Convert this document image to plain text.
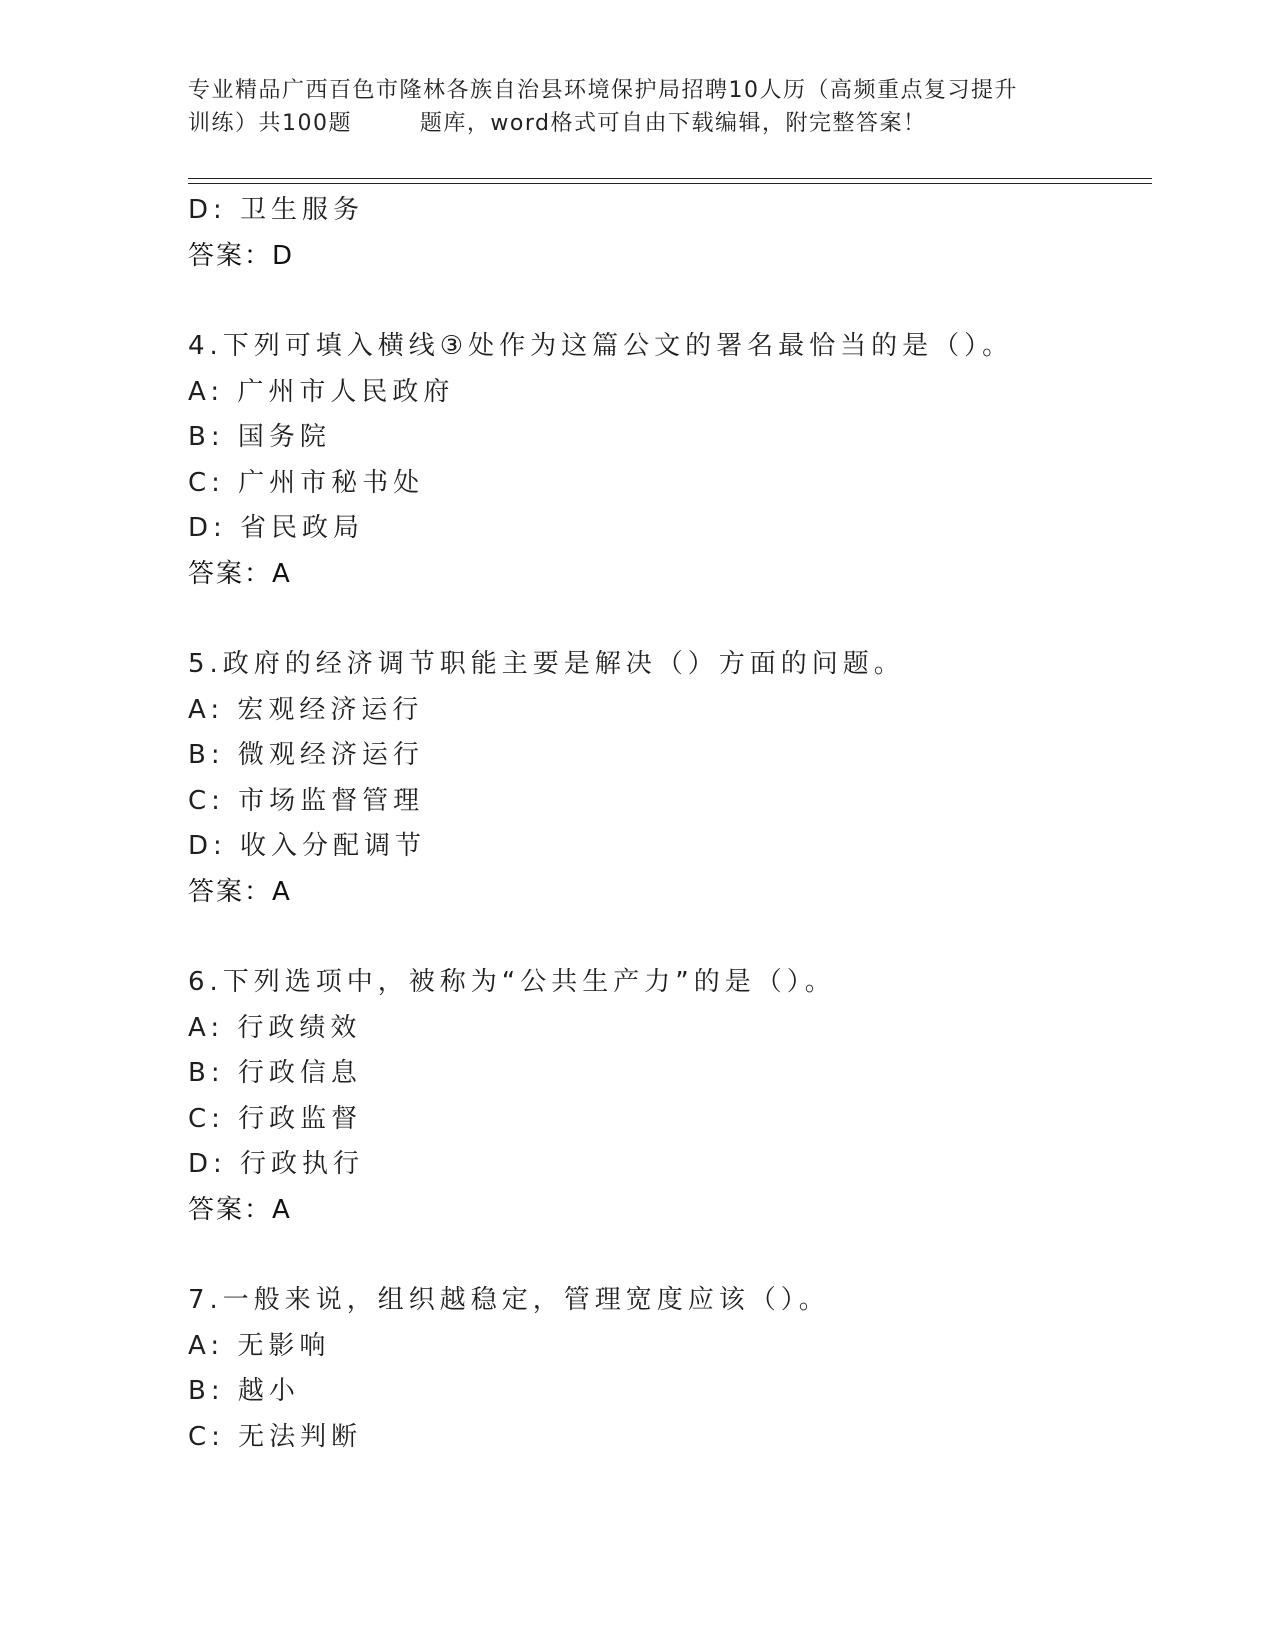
专业精品广西百色市隆林各族自治县环境保护局招聘10人历（高频重点复习提升
训练）共100题        题库，word格式可自由下载编辑，附完整答案！
D: 卫生服务
答案：D
4.下列可填入横线③处作为这篇公文的署名最恰当的是（）。
A: 广州市人民政府
B: 国务院
C: 广州市秘书处
D: 省民政局
答案：A
5.政府的经济调节职能主要是解决（）方面的问题。
A: 宏观经济运行
B: 微观经济运行
C: 市场监督管理
D: 收入分配调节
答案：A
6.下列选项中，被称为“公共生产力”的是（）。
A: 行政绩效
B: 行政信息
C: 行政监督
D: 行政执行
答案：A
7.一般来说，组织越稳定，管理宽度应该（）。
A: 无影响
B: 越小
C: 无法判断
